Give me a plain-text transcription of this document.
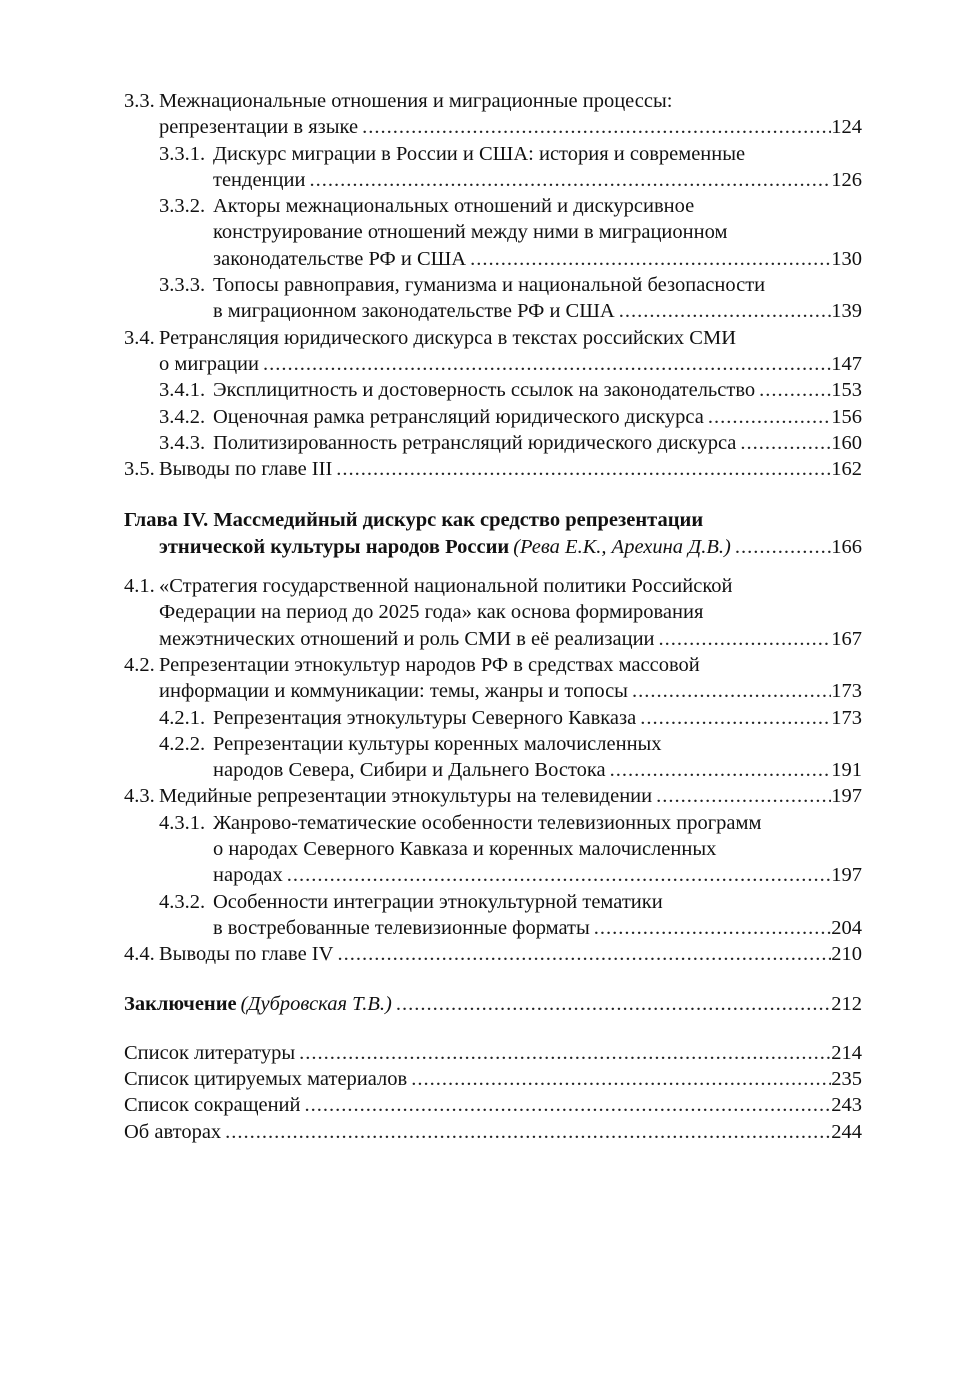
3.3. Межнациональные отношения и миграционные процессы:
репрезентации в языке .....	124
3.3.1. Дискурс миграции в России и США: история и современные
тенденции .....	126
3.3.2. Акторы межнациональных отношений и дискурсивное
конструирование отношений между ними в миграционном
законодательстве РФ и США .....	130
3.3.3. Топосы равноправия, гуманизма и национальной безопасности
в миграционном законодательстве РФ и США .....	139
3.4. Ретрансляция юридического дискурса в текстах российских СМИ
о миграции .....	147
3.4.1. Эксплицитность и достоверность ссылок на законодательство .....	153
3.4.2. Оценочная рамка ретрансляций юридического дискурса .....	156
3.4.3. Политизированность ретрансляций юридического дискурса .....	160
3.5. Выводы по главе III .....	162
Глава IV. Массмедийный дискурс как средство репрезентации
этнической культуры народов России (Рева Е.К., Арехина Д.В.) .....	166
4.1. «Стратегия государственной национальной политики Российской
Федерации на период до 2025 года» как основа формирования
межэтнических отношений и роль СМИ в её реализации .....	167
4.2. Репрезентации этнокультур народов РФ в средствах массовой
информации и коммуникации: темы, жанры и топосы .....	173
4.2.1. Репрезентация этнокультуры Северного Кавказа .....	173
4.2.2. Репрезентации культуры коренных малочисленных
народов Севера, Сибири и Дальнего Востока .....	191
4.3. Медийные репрезентации этнокультуры на телевидении .....	197
4.3.1. Жанрово-тематические особенности телевизионных программ
о народах Северного Кавказа и коренных малочисленных
народах .....	197
4.3.2. Особенности интеграции этнокультурной тематики
в востребованные телевизионные форматы .....	204
4.4. Выводы по главе IV .....	210
Заключение (Дубровская Т.В.) .....	212
Список литературы .....	214
Список цитируемых материалов .....	235
Список сокращений .....	243
Об авторах .....	244
